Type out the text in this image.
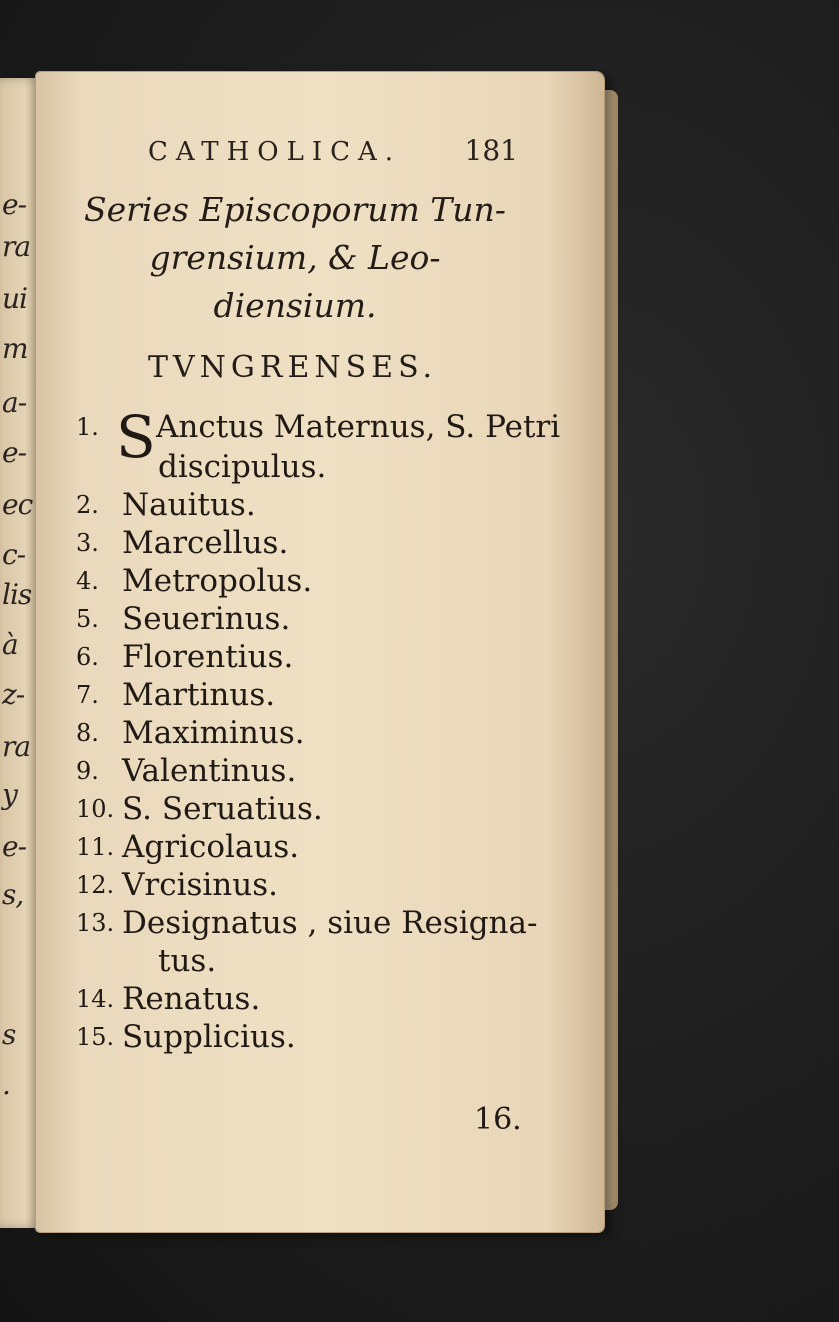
e-
ra
ui
m
a-
e-
ec
c-
lis
à
z-
ra
y
e-
s,
s
.
CATHOLICA. 181
Series Episcoporum Tun-
grensium, & Leo-
diensium.
TVNGRENSES.
1. S Anctus Maternus, S. Petri
discipulus.
2. Nauitus.
3. Marcellus.
4. Metropolus.
5. Seuerinus.
6. Florentius.
7. Martinus.
8. Maximinus.
9. Valentinus.
10. S. Seruatius.
11. Agricolaus.
12. Vrcisinus.
13. Designatus , siue Resigna-
tus.
14. Renatus.
15. Supplicius.
16.
